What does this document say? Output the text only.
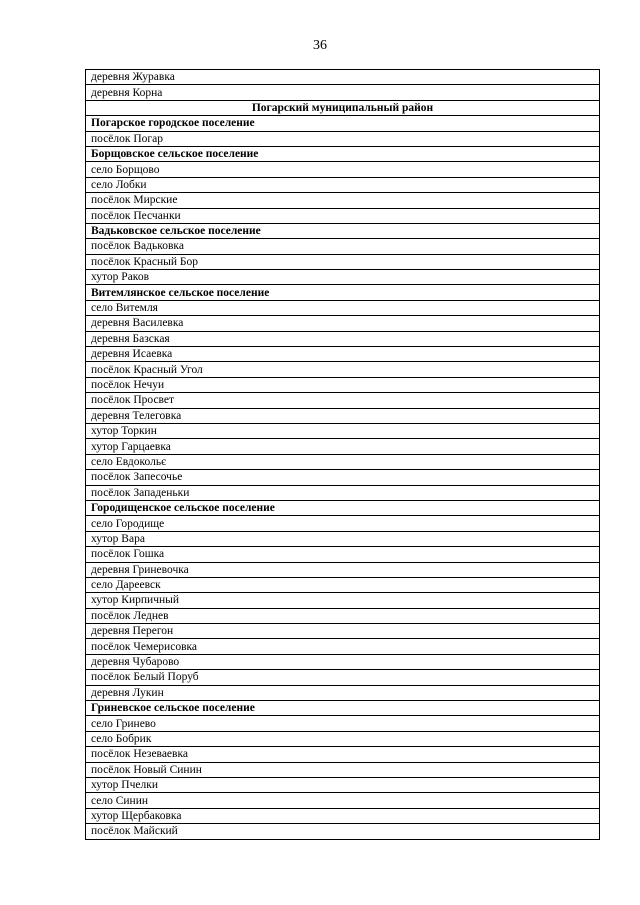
36
деревня Журавка
деревня Корна
Погарский муниципальный район
Погарское городское поселение
посёлок Погар
Борщовское сельское поселение
село Борщово
село Лобки
посёлок Мирские
посёлок Песчанки
Вадьковское сельское поселение
посёлок Вадьковка
посёлок Красный Бор
хутор Раков
Витемлянское сельское поселение
село Витемля
деревня Василевка
деревня Базская
деревня Исаевка
посёлок Красный Угол
посёлок Нечуи
посёлок Просвет
деревня Телеговка
хутор Торкин
хутор Гарцаевка
село Евдокольє
посёлок Запесочье
посёлок Западеньки
Городищенское сельское поселение
село Городище
хутор Вара
посёлок Гошка
деревня Гриневочка
село Дареевск
хутор Кирпичный
посёлок Леднев
деревня Перегон
посёлок Чемерисовка
деревня Чубарово
посёлок Белый Поруб
деревня Лукин
Гриневское сельское поселение
село Гринево
село Бобрик
посёлок Незеваевка
посёлок Новый Синин
хутор Пчелки
село Синин
хутор Щербаковка
посёлок Майский
